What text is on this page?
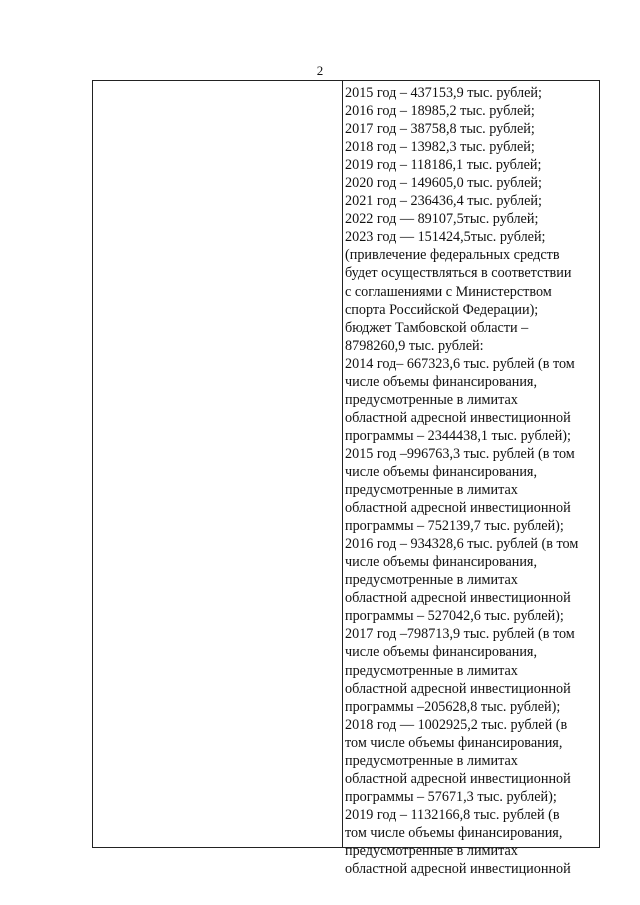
2
2015 год – 437153,9 тыс. рублей;
2016 год – 18985,2 тыс. рублей;
2017 год – 38758,8 тыс. рублей;
2018 год – 13982,3 тыс. рублей;
2019 год – 118186,1 тыс. рублей;
2020 год – 149605,0 тыс. рублей;
2021 год – 236436,4 тыс. рублей;
2022 год — 89107,5тыс. рублей;
2023 год — 151424,5тыс. рублей;
(привлечение федеральных средств
будет осуществляться в соответствии
с соглашениями с Министерством
спорта Российской Федерации);
бюджет Тамбовской области –
8798260,9 тыс. рублей:
2014 год– 667323,6 тыс. рублей (в том
числе объемы финансирования,
предусмотренные в лимитах
областной адресной инвестиционной
программы – 2344438,1 тыс. рублей);
2015 год –996763,3 тыс. рублей (в том
числе объемы финансирования,
предусмотренные в лимитах
областной адресной инвестиционной
программы – 752139,7 тыс. рублей);
2016 год – 934328,6 тыс. рублей (в том
числе объемы финансирования,
предусмотренные в лимитах
областной адресной инвестиционной
программы – 527042,6 тыс. рублей);
2017 год –798713,9 тыс. рублей (в том
числе объемы финансирования,
предусмотренные в лимитах
областной адресной инвестиционной
программы –205628,8 тыс. рублей);
2018 год — 1002925,2 тыс. рублей (в
том числе объемы финансирования,
предусмотренные в лимитах
областной адресной инвестиционной
программы – 57671,3 тыс. рублей);
2019 год – 1132166,8 тыс. рублей (в
том числе объемы финансирования,
предусмотренные в лимитах
областной адресной инвестиционной
